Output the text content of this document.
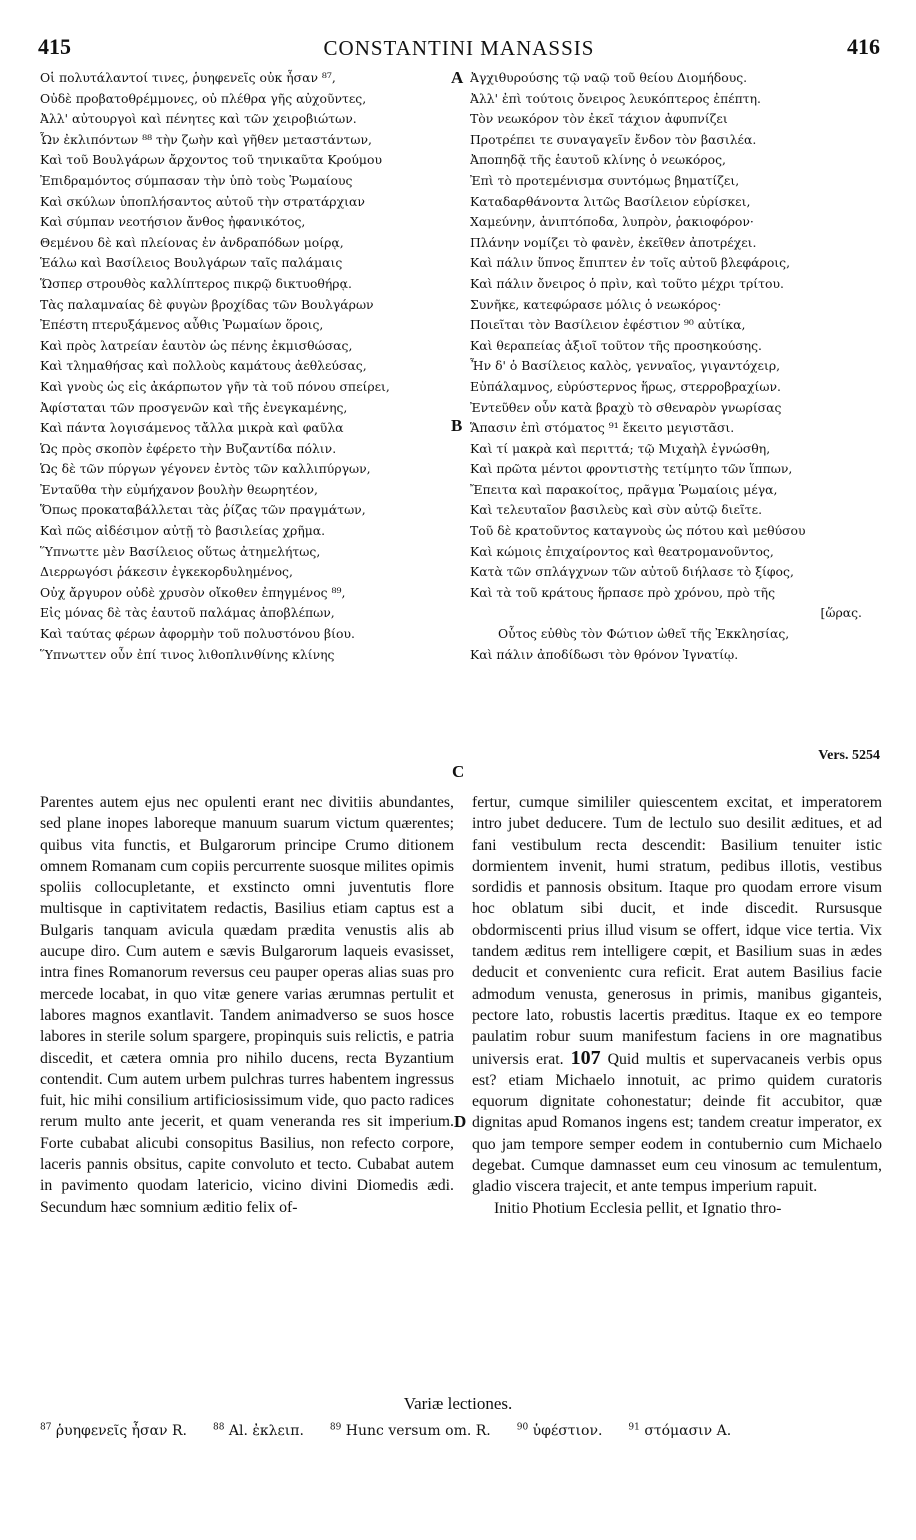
415	CONSTANTINI MANASSIS	416
Οἱ πολυτάλαντοί τινες, ῥυηφενεῖς οὐκ ἦσαν ⁸⁷,
Οὐδὲ προβατοθρέμμονες, οὐ πλέθρα γῆς αὐχοῦντες,
Ἀλλ' αὐτουργοὶ καὶ πένητες καὶ τῶν χειροβιώτων.
Ὧν ἐκλιπόντων ⁸⁸ τὴν ζωὴν καὶ γῆθεν μεταστάντων,
Καὶ τοῦ Βουλγάρων ἄρχοντος τοῦ τηνικαῦτα Κρούμου
Ἐπιδραμόντος σύμπασαν τὴν ὑπὸ τοὺς Ῥωμαίους
Καὶ σκύλων ὑποπλήσαντος αὐτοῦ τὴν στρατάρχιαν
Καὶ σύμπαν νεοτήσιον ἄνθος ἠφανικότος,
Θεμένου δὲ καὶ πλείονας ἐν ἀνδραπόδων μοίρᾳ,
Ἑάλω καὶ Βασίλειος Βουλγάρων ταῖς παλάμαις
Ὥσπερ στρουθὸς καλλίπτερος πικρῷ δικτυοθήρᾳ.
Τὰς παλαμναίας δὲ φυγὼν βροχίδας τῶν Βουλγάρων
Ἐπέστη πτερυξάμενος αὖθις Ῥωμαίων ὅροις,
Καὶ πρὸς λατρείαν ἑαυτὸν ὡς πένης ἐκμισθώσας,
Καὶ τλημαθήσας καὶ πολλοὺς καμάτους ἀεθλεύσας,
Καὶ γνοὺς ὡς εἰς ἀκάρπωτον γῆν τὰ τοῦ πόνου σπείρει,
Ἀφίσταται τῶν προσγενῶν καὶ τῆς ἐνεγκαμένης,
Καὶ πάντα λογισάμενος τἄλλα μικρὰ καὶ φαῦλα
Ὡς πρὸς σκοπὸν ἐφέρετο τὴν Βυζαντίδα πόλιν.
Ὡς δὲ τῶν πύργων γέγονεν ἐντὸς τῶν καλλιπύργων,
Ἐνταῦθα τὴν εὐμήχανον βουλὴν θεωρητέον,
Ὅπως προκαταβάλλεται τὰς ῥίζας τῶν πραγμάτων,
Καὶ πῶς αἰδέσιμον αὐτῇ τὸ βασιλείας χρῆμα.
Ὕπνωττε μὲν Βασίλειος οὕτως ἀτημελήτως,
Διερρωγόσι ῥάκεσιν ἐγκεκορδυλημένος,
Οὐχ ἄργυρον οὐδὲ χρυσὸν οἴκοθεν ἐπηγμένος ⁸⁹,
Εἰς μόνας δὲ τὰς ἑαυτοῦ παλάμας ἀποβλέπων,
Καὶ ταύτας φέρων ἀφορμὴν τοῦ πολυστόνου βίου.
Ὕπνωττεν οὖν ἐπί τινος λιθοπλινθίνης κλίνης
Ἀγχιθυρούσης τῷ ναῷ τοῦ θείου Διομήδους.
Ἀλλ' ἐπὶ τούτοις ὄνειρος λευκόπτερος ἐπέπτη.
Τὸν νεωκόρον τὸν ἐκεῖ τάχιον ἀφυπνίζει
Προτρέπει τε συναγαγεῖν ἔνδον τὸν βασιλέα.
Ἀποπηδᾷ τῆς ἑαυτοῦ κλίνης ὁ νεωκόρος,
Ἐπὶ τὸ προτεμένισμα συντόμως βηματίζει,
Καταδαρθάνοντα λιτῶς Βασίλειον εὑρίσκει,
Χαμεύνην, ἀνιπτόποδα, λυπρὸν, ῥακιοφόρον·
Πλάνην νομίζει τὸ φανὲν, ἐκεῖθεν ἀποτρέχει.
Καὶ πάλιν ὕπνος ἔπιπτεν ἐν τοῖς αὐτοῦ βλεφάροις,
Καὶ πάλιν ὄνειρος ὁ πρὶν, καὶ τοῦτο μέχρι τρίτου.
Συνῆκε, κατεφώρασε μόλις ὁ νεωκόρος·
Ποιεῖται τὸν Βασίλειον ἐφέστιον ⁹⁰ αὐτίκα,
Καὶ θεραπείας ἀξιοῖ τοῦτον τῆς προσηκούσης.
Ἦν δ' ὁ Βασίλειος καλὸς, γενναῖος, γιγαντόχειρ,
Εὐπάλαμνος, εὐρύστερνος ἥρως, στερροβραχίων.
Ἐντεῦθεν οὖν κατὰ βραχὺ τὸ σθεναρὸν γνωρίσας
Ἅπασιν ἐπὶ στόματος ⁹¹ ἔκειτο μεγιστᾶσι.
Καὶ τί μακρὰ καὶ περιττά; τῷ Μιχαὴλ ἐγνώσθη,
Καὶ πρῶτα μέντοι φροντιστὴς τετίμητο τῶν ἵππων,
Ἔπειτα καὶ παρακοίτος, πρᾶγμα Ῥωμαίοις μέγα,
Καὶ τελευταῖον βασιλεὺς καὶ σὺν αὐτῷ διεῖτε.
Τοῦ δὲ κρατοῦντος καταγνοὺς ὡς πότου καὶ μεθύσου
Καὶ κώμοις ἐπιχαίροντος καὶ θεατρομανοῦντος,
Κατὰ τῶν σπλάγχνων τῶν αὐτοῦ διήλασε τὸ ξίφος,
Καὶ τὰ τοῦ κράτους ἥρπασε πρὸ χρόνου, πρὸ τῆς
[ὥρας.
Οὗτος εὐθὺς τὸν Φώτιον ὠθεῖ τῆς Ἐκκλησίας,
Καὶ πάλιν ἀποδίδωσι τὸν θρόνον Ἰγνατίῳ.
A
B
C
D
Vers. 5254

Parentes autem ejus nec opulenti erant nec divitiis abundantes, sed plane inopes laboreque manuum suarum victum quærentes; quibus vita functis, et Bulgarorum principe Crumo ditionem omnem Romanam cum copiis percurrente suosque milites opimis spoliis collocupletante, et exstincto omni juventutis flore multisque in captivitatem redactis, Basilius etiam captus est a Bulgaris tanquam avicula quædam prædita venustis alis ab aucupe diro. Cum autem e sævis Bulgarorum laqueis evasisset, intra fines Romanorum reversus ceu pauper operas alias suas pro mercede locabat, in quo vitæ genere varias ærumnas pertulit et labores magnos exantlavit. Tandem animadverso se suos hosce labores in sterile solum spargere, propinquis suis relictis, e patria discedit, et cætera omnia pro nihilo ducens, recta Byzantium contendit. Cum autem urbem pulchras turres habentem ingressus fuit, hic mihi consilium artificiosissimum vide, quo pacto radices rerum multo ante jecerit, et quam veneranda res sit imperium. Forte cubabat alicubi consopitus Basilius, non refecto corpore, laceris pannis obsitus, capite convoluto et tecto. Cubabat autem in pavimento quodam latericio, vicino divini Diomedis ædi. Secundum hæc somnium æditio felix of-

fertur, cumque simililer quiescentem excitat, et imperatorem intro jubet deducere. Tum de lectulo suo desilit æditues, et ad fani vestibulum recta descendit: Basilium tenuiter istic dormientem invenit, humi stratum, pedibus illotis, vestibus sordidis et pannosis obsitum. Itaque pro quodam errore visum hoc oblatum sibi ducit, et inde discedit. Rursusque obdormiscenti prius illud visum se offert, idque vice tertia. Vix tandem æditus rem intelligere cœpit, et Basilium suas in ædes deducit et convenientc cura reficit. Erat autem Basilius facie admodum venusta, generosus in primis, manibus giganteis, pectore lato, robustis lacertis præditus. Itaque ex eo tempore paulatim robur suum manifestum faciens in ore magnatibus universis erat. 107 Quid multis et supervacaneis verbis opus est? etiam Michaelo innotuit, ac primo quidem curatoris equorum dignitate cohonestatur; deinde fit accubitor, quæ dignitas apud Romanos ingens est; tandem creatur imperator, ex quo jam tempore semper eodem in contubernio cum Michaelo degebat. Cumque damnasset eum ceu vinosum ac temulentum, gladio viscera trajecit, et ante tempus imperium rapuit.

Initio Photium Ecclesia pellit, et Ignatio thro-

Variæ lectiones.
$^{87}$ ῥυηφενεῖς ἦσαν R.	$^{88}$ Al. ἐκλειπ.	$^{89}$ Hunc versum om. R.	$^{90}$ ὑφέστιον.	$^{91}$ στόμασιν A.
